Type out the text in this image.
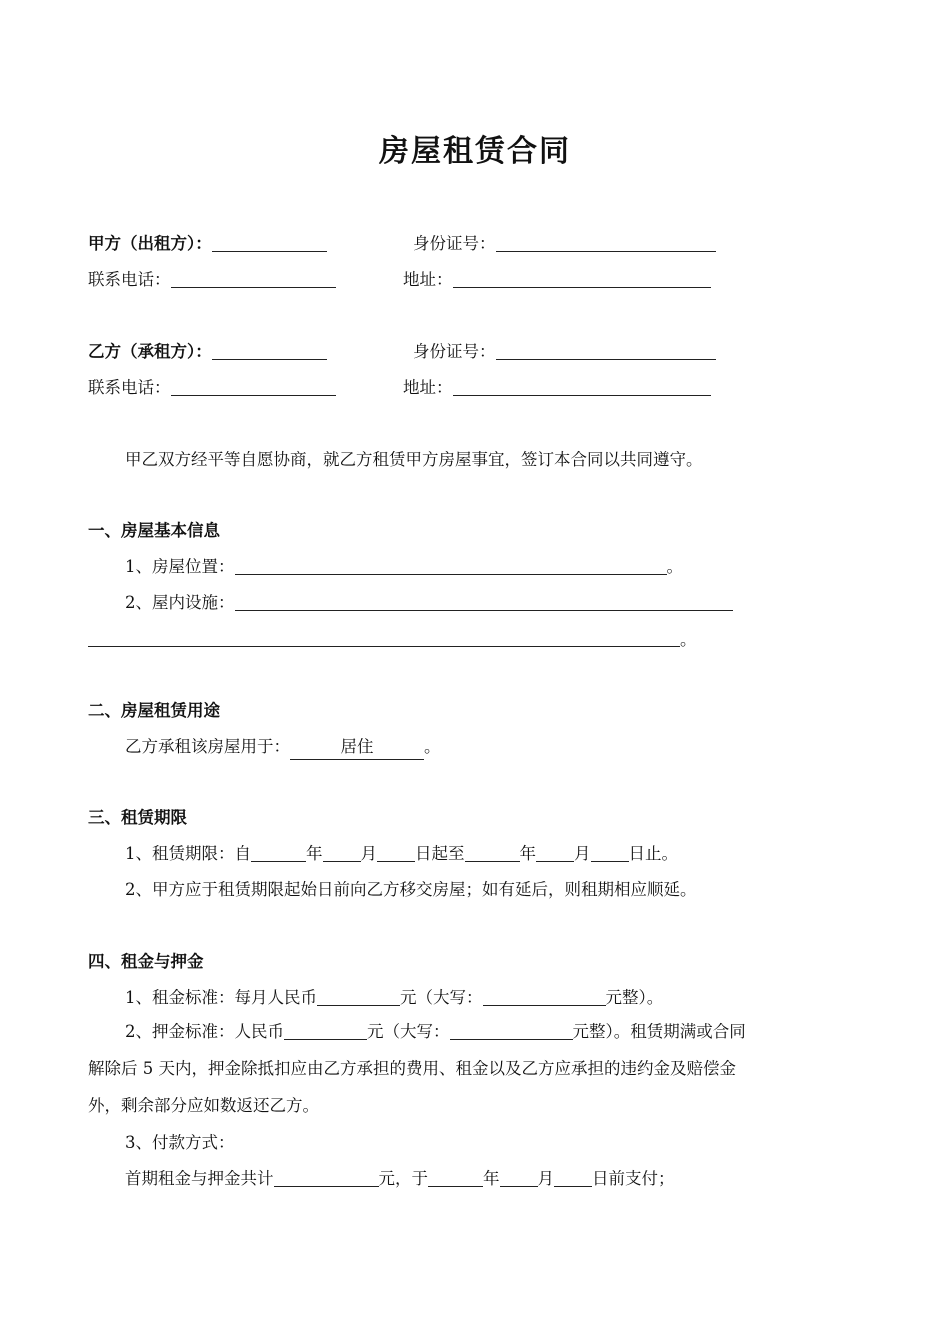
房屋租赁合同
甲方（出租方）：	身份证号：
联系电话：	地址：
乙方（承租方）：	身份证号：
联系电话：	地址：
甲乙双方经平等自愿协商，就乙方租赁甲方房屋事宜，签订本合同以共同遵守。
一、房屋基本信息
1、房屋位置：	。
2、屋内设施：
。
二、房屋租赁用途
乙方承租该房屋用于：	居住	。
三、租赁期限
1、租赁期限：自	年 月 日起至	年 月 日止。
2、甲方应于租赁期限起始日前向乙方移交房屋；如有延后，则租期相应顺延。
四、租金与押金
1、租金标准：每月人民币	元（大写：	元整）。
2、押金标准：人民币	元（大写：	元整）。租赁期满或合同
解除后 5 天内，押金除抵扣应由乙方承担的费用、租金以及乙方应承担的违约金及赔偿金
外，剩余部分应如数返还乙方。
3、付款方式：
首期租金与押金共计	元，于	年 月 日前支付；
